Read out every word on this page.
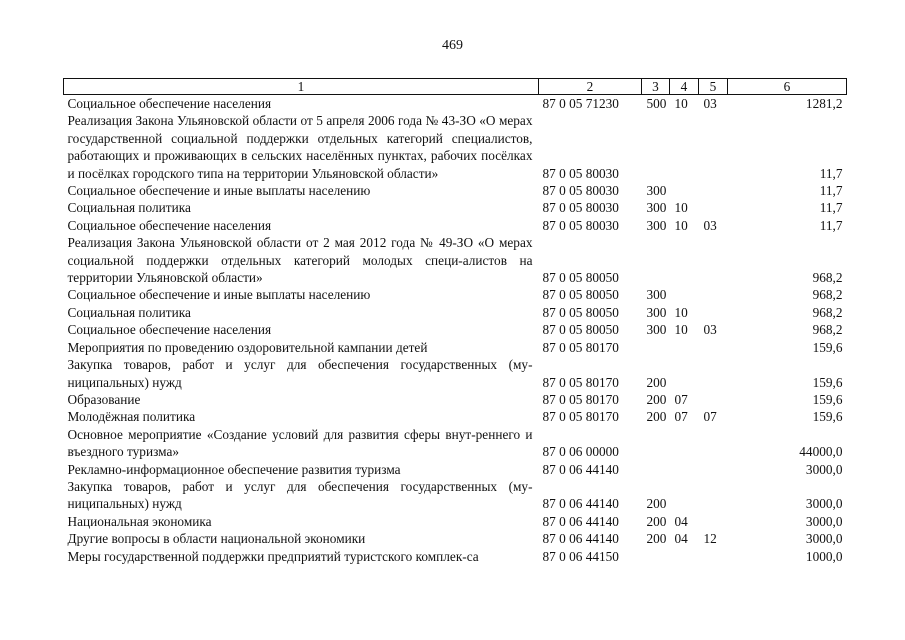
469
1	2	3	4	5	6
Социальное обеспечение населения	87 0 05 71230	500	10	03	1281,2
Реализация Закона Ульяновской области от 5 апреля 2006 года № 43-ЗО «О мерах государственной социальной поддержки отдельных категорий специалистов, работающих и проживающих в сельских населённых пунктах, рабочих посёлках и посёлках городского типа на территории Ульяновской области»	87 0 05 80030				11,7
Социальное обеспечение и иные выплаты населению	87 0 05 80030	300			11,7
Социальная политика	87 0 05 80030	300	10		11,7
Социальное обеспечение населения	87 0 05 80030	300	10	03	11,7
Реализация Закона Ульяновской области от 2 мая 2012 года № 49-ЗО «О мерах социальной поддержки отдельных категорий молодых специ-алистов на территории Ульяновской области»	87 0 05 80050				968,2
Социальное обеспечение и иные выплаты населению	87 0 05 80050	300			968,2
Социальная политика	87 0 05 80050	300	10		968,2
Социальное обеспечение населения	87 0 05 80050	300	10	03	968,2
Мероприятия по проведению оздоровительной кампании детей	87 0 05 80170				159,6
Закупка товаров, работ и услуг для обеспечения государственных (му-ниципальных) нужд	87 0 05 80170	200			159,6
Образование	87 0 05 80170	200	07		159,6
Молодёжная политика	87 0 05 80170	200	07	07	159,6
Основное мероприятие «Создание условий для развития сферы внут-реннего и въездного туризма»	87 0 06 00000				44000,0
Рекламно-информационное обеспечение развития туризма	87 0 06 44140				3000,0
Закупка товаров, работ и услуг для обеспечения государственных (му-ниципальных) нужд	87 0 06 44140	200			3000,0
Национальная экономика	87 0 06 44140	200	04		3000,0
Другие вопросы в области национальной экономики	87 0 06 44140	200	04	12	3000,0
Меры государственной поддержки предприятий туристского комплек-са	87 0 06 44150				1000,0
